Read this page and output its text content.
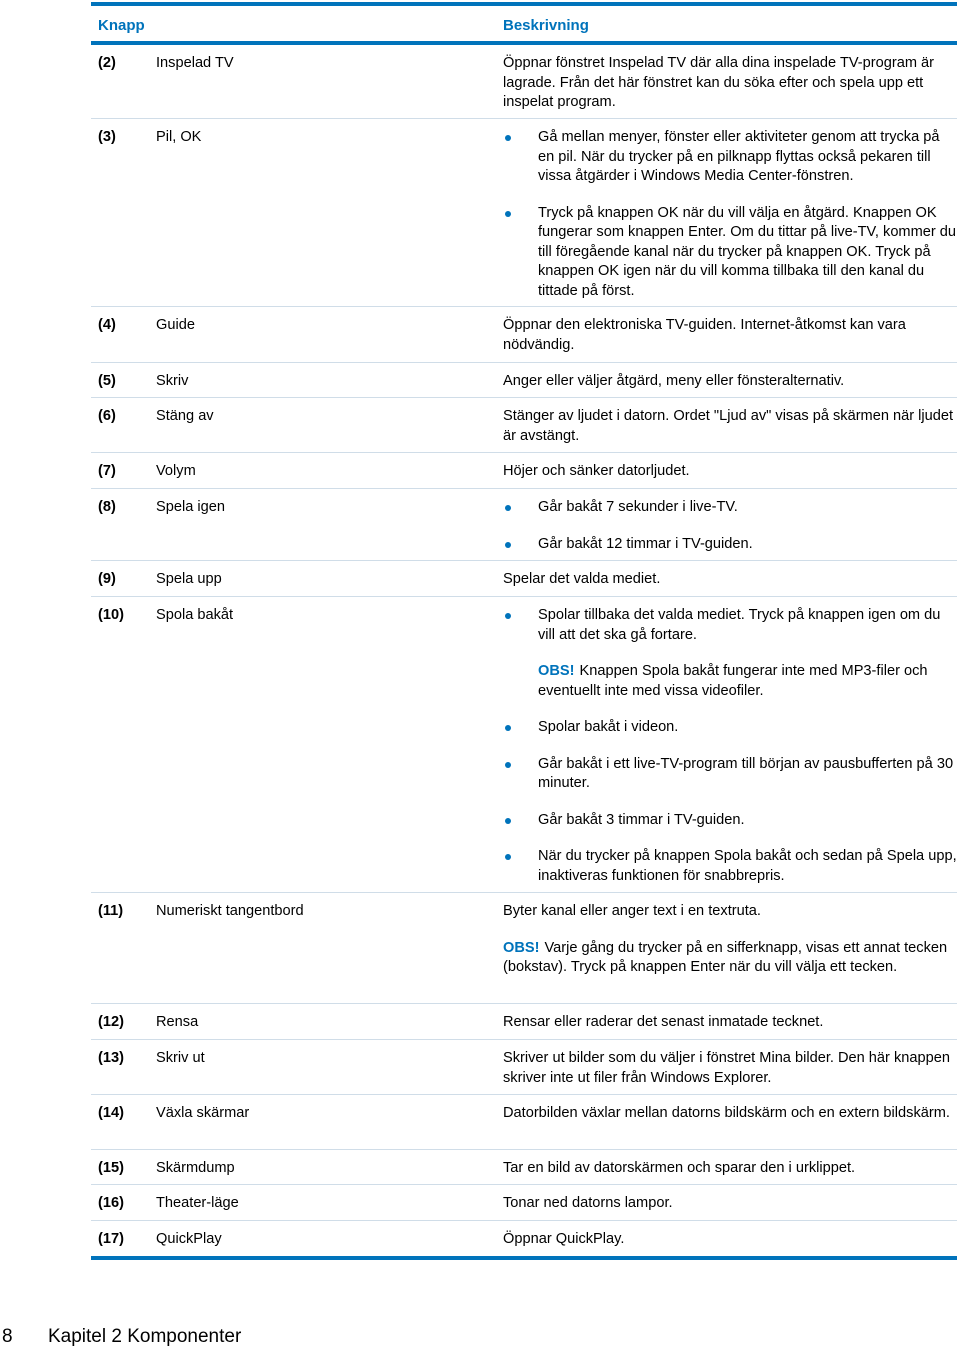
Knapp	Beskrivning
(2)	Inspelad TV	Öppnar fönstret Inspelad TV där alla dina inspelade TV-program är lagrade. Från det här fönstret kan du söka efter och spela upp ett inspelat program.
(3)	Pil, OK	Gå mellan menyer, fönster eller aktiviteter genom att trycka på en pil. När du trycker på en pilknapp flyttas också pekaren till vissa åtgärder i Windows Media Center-fönstren.
Tryck på knappen OK när du vill välja en åtgärd. Knappen OK fungerar som knappen Enter. Om du tittar på live-TV, kommer du till föregående kanal när du trycker på knappen OK. Tryck på knappen OK igen när du vill komma tillbaka till den kanal du tittade på först.
(4)	Guide	Öppnar den elektroniska TV-guiden. Internet-åtkomst kan vara nödvändig.
(5)	Skriv	Anger eller väljer åtgärd, meny eller fönsteralternativ.
(6)	Stäng av	Stänger av ljudet i datorn. Ordet "Ljud av" visas på skärmen när ljudet är avstängt.
(7)	Volym	Höjer och sänker datorljudet.
(8)	Spela igen	Går bakåt 7 sekunder i live-TV.
Går bakåt 12 timmar i TV-guiden.
(9)	Spela upp	Spelar det valda mediet.
(10) Spola bakåt	Spolar tillbaka det valda mediet. Tryck på knappen igen om du vill att det ska gå fortare.
OBS! Knappen Spola bakåt fungerar inte med MP3-filer och eventuellt inte med vissa videofiler.
Spolar bakåt i videon.
Går bakåt i ett live-TV-program till början av pausbufferten på 30 minuter.
Går bakåt 3 timmar i TV-guiden.
När du trycker på knappen Spola bakåt och sedan på Spela upp, inaktiveras funktionen för snabbrepris.
(11) Numeriskt tangentbord	Byter kanal eller anger text i en textruta.
OBS! Varje gång du trycker på en sifferknapp, visas ett annat tecken (bokstav). Tryck på knappen Enter när du vill välja ett tecken.
(12) Rensa	Rensar eller raderar det senast inmatade tecknet.
(13) Skriv ut	Skriver ut bilder som du väljer i fönstret Mina bilder. Den här knappen skriver inte ut filer från Windows Explorer.
(14) Växla skärmar	Datorbilden växlar mellan datorns bildskärm och en extern bildskärm.
(15) Skärmdump	Tar en bild av datorskärmen och sparar den i urklippet.
(16) Theater-läge	Tonar ned datorns lampor.
(17) QuickPlay	Öppnar QuickPlay.
8 Kapitel 2 Komponenter
